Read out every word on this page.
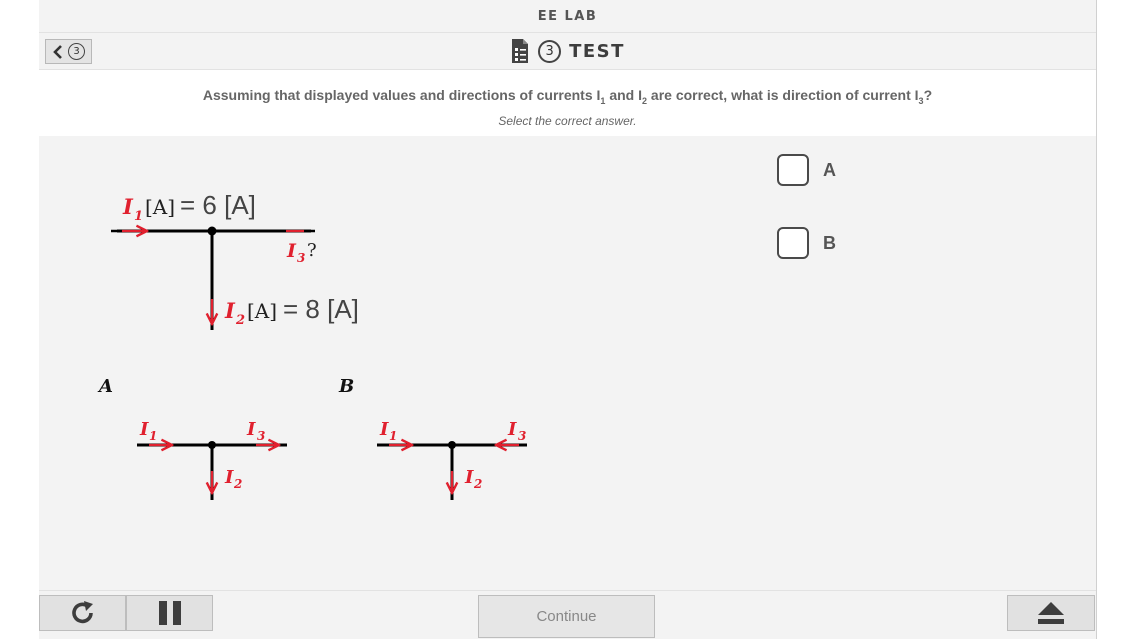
EE LAB
3	3 TEST
Assuming that displayed values and directions of currents $I_1$ and $I_2$ are correct, what is direction of current $I_3$?
Select the correct answer.
I 1 [A] = 6 [A]
I 3 ?
I 2 [A] = 8 [A]
A
I 1	I 3
I 2
B
I 1	I 3
I 2
A
B
Continue
